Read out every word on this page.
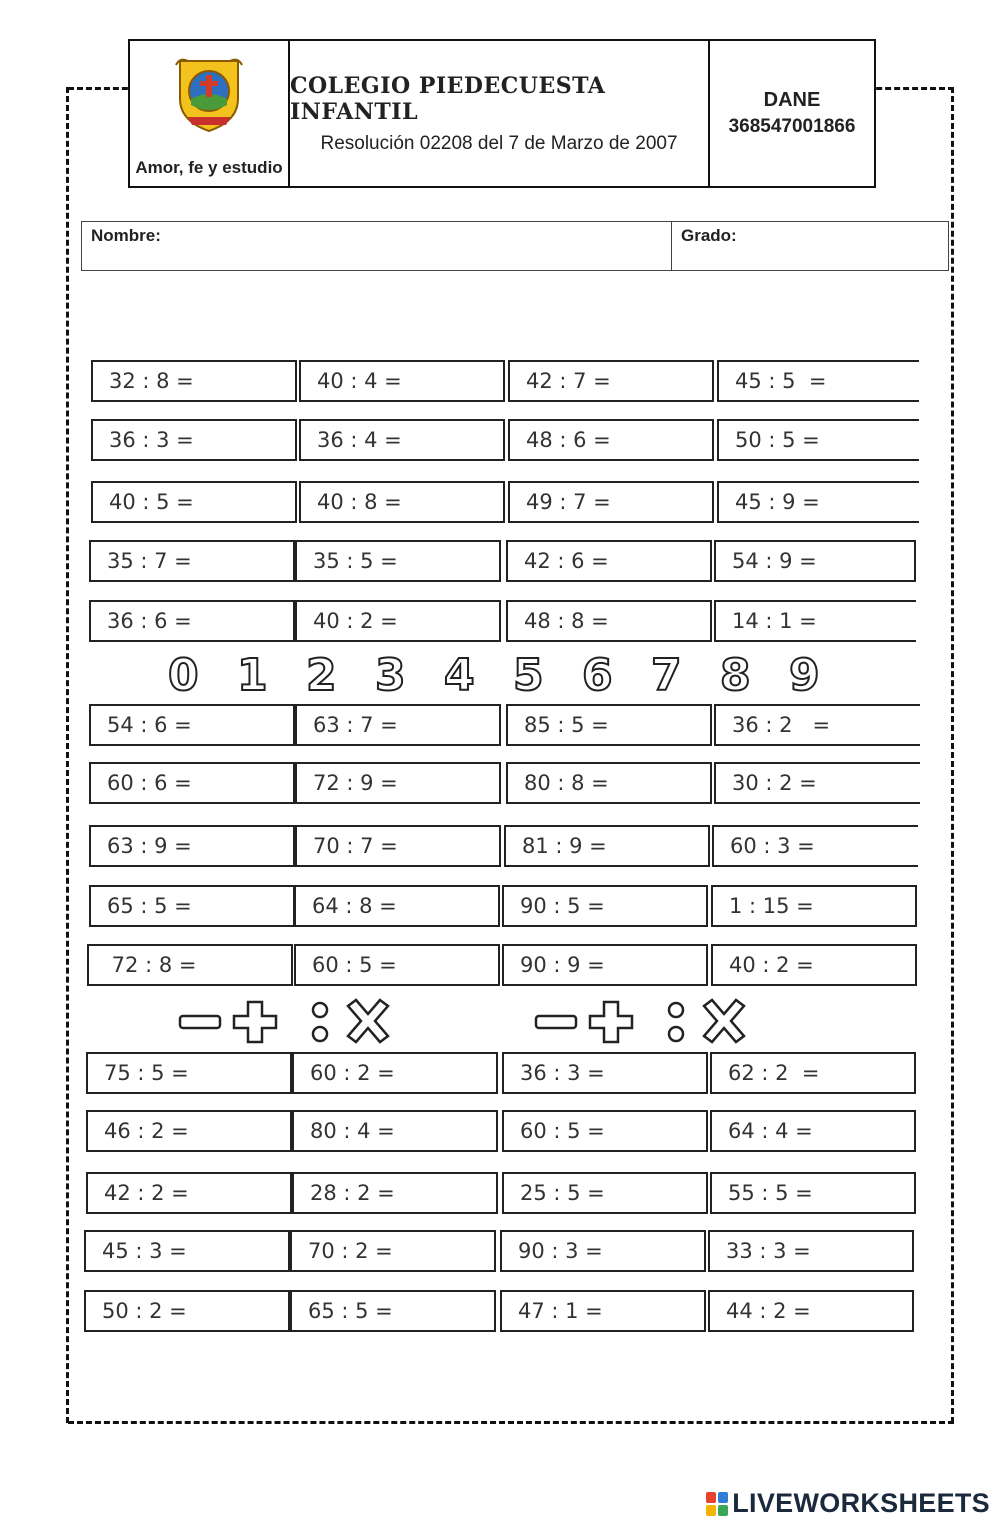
Amor, fe y estudio
COLEGIO PIEDECUESTA INFANTIL
Resolución 02208 del 7 de Marzo de 2007
DANE
368547001866
Nombre:	Grado:
32 : 8 =	40 : 4 =	42 : 7 =	45 : 5  =
36 : 3 =	36 : 4 =	48 : 6 =	50 : 5 =
40 : 5 =	40 : 8 =	49 : 7 =	45 : 9 =
35 : 7 =	35 : 5 =	42 : 6 =	54 : 9 =
36 : 6 =	40 : 2 =	48 : 8 =	14 : 1 =
0 1 2 3 4 5 6 7 8 9
54 : 6 =	63 : 7 =	85 : 5 =	36 : 2   =
60 : 6 =	72 : 9 =	80 : 8 =	30 : 2 =
63 : 9 =	70 : 7 =	81 : 9 =	60 : 3 =
65 : 5 =	64 : 8 =	90 : 5 =	1 : 15 =
72 : 8 =	60 : 5 =	90 : 9 =	40 : 2 =
75 : 5 =	60 : 2 =	36 : 3 =	62 : 2  =
46 : 2 =	80 : 4 =	60 : 5 =	64 : 4 =
42 : 2 =	28 : 2 =	25 : 5 =	55 : 5 =
45 : 3 =	70 : 2 =	90 : 3 =	33 : 3 =
50 : 2 =	65 : 5 =	47 : 1 =	44 : 2 =
LIVEWORKSHEETS
